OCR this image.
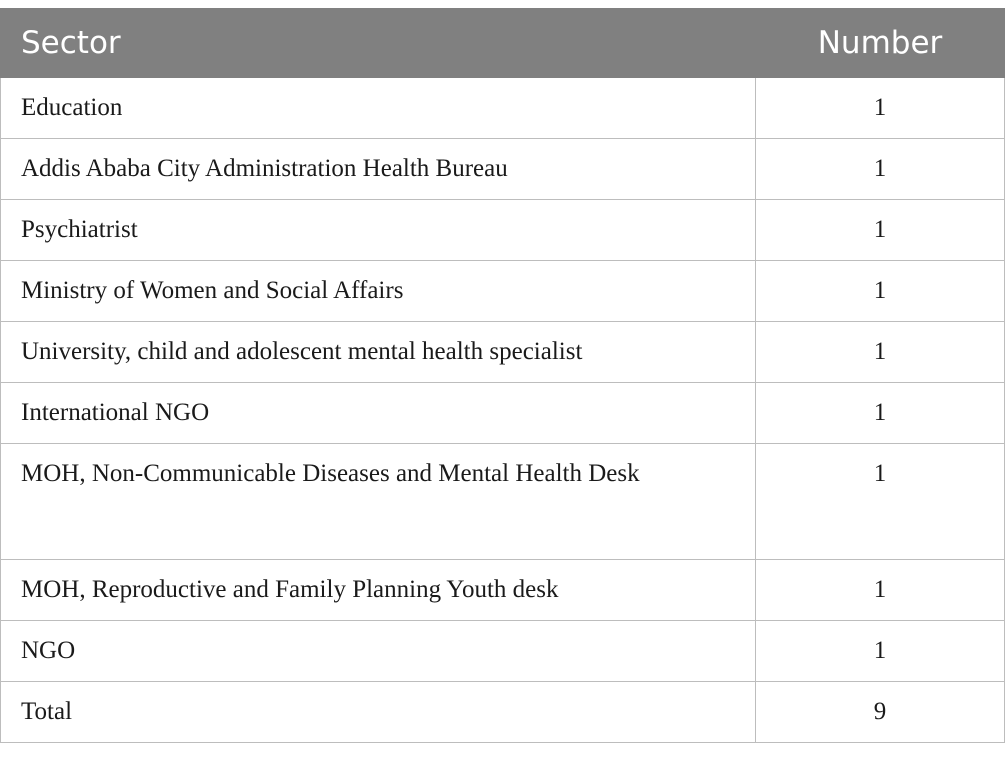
Sector	Number
Education	1
Addis Ababa City Administration Health Bureau	1
Psychiatrist	1
Ministry of Women and Social Affairs	1
University, child and adolescent mental health specialist	1
International NGO	1
MOH, Non-Communicable Diseases and Mental Health Desk	1
MOH, Reproductive and Family Planning Youth desk	1
NGO	1
Total	9
